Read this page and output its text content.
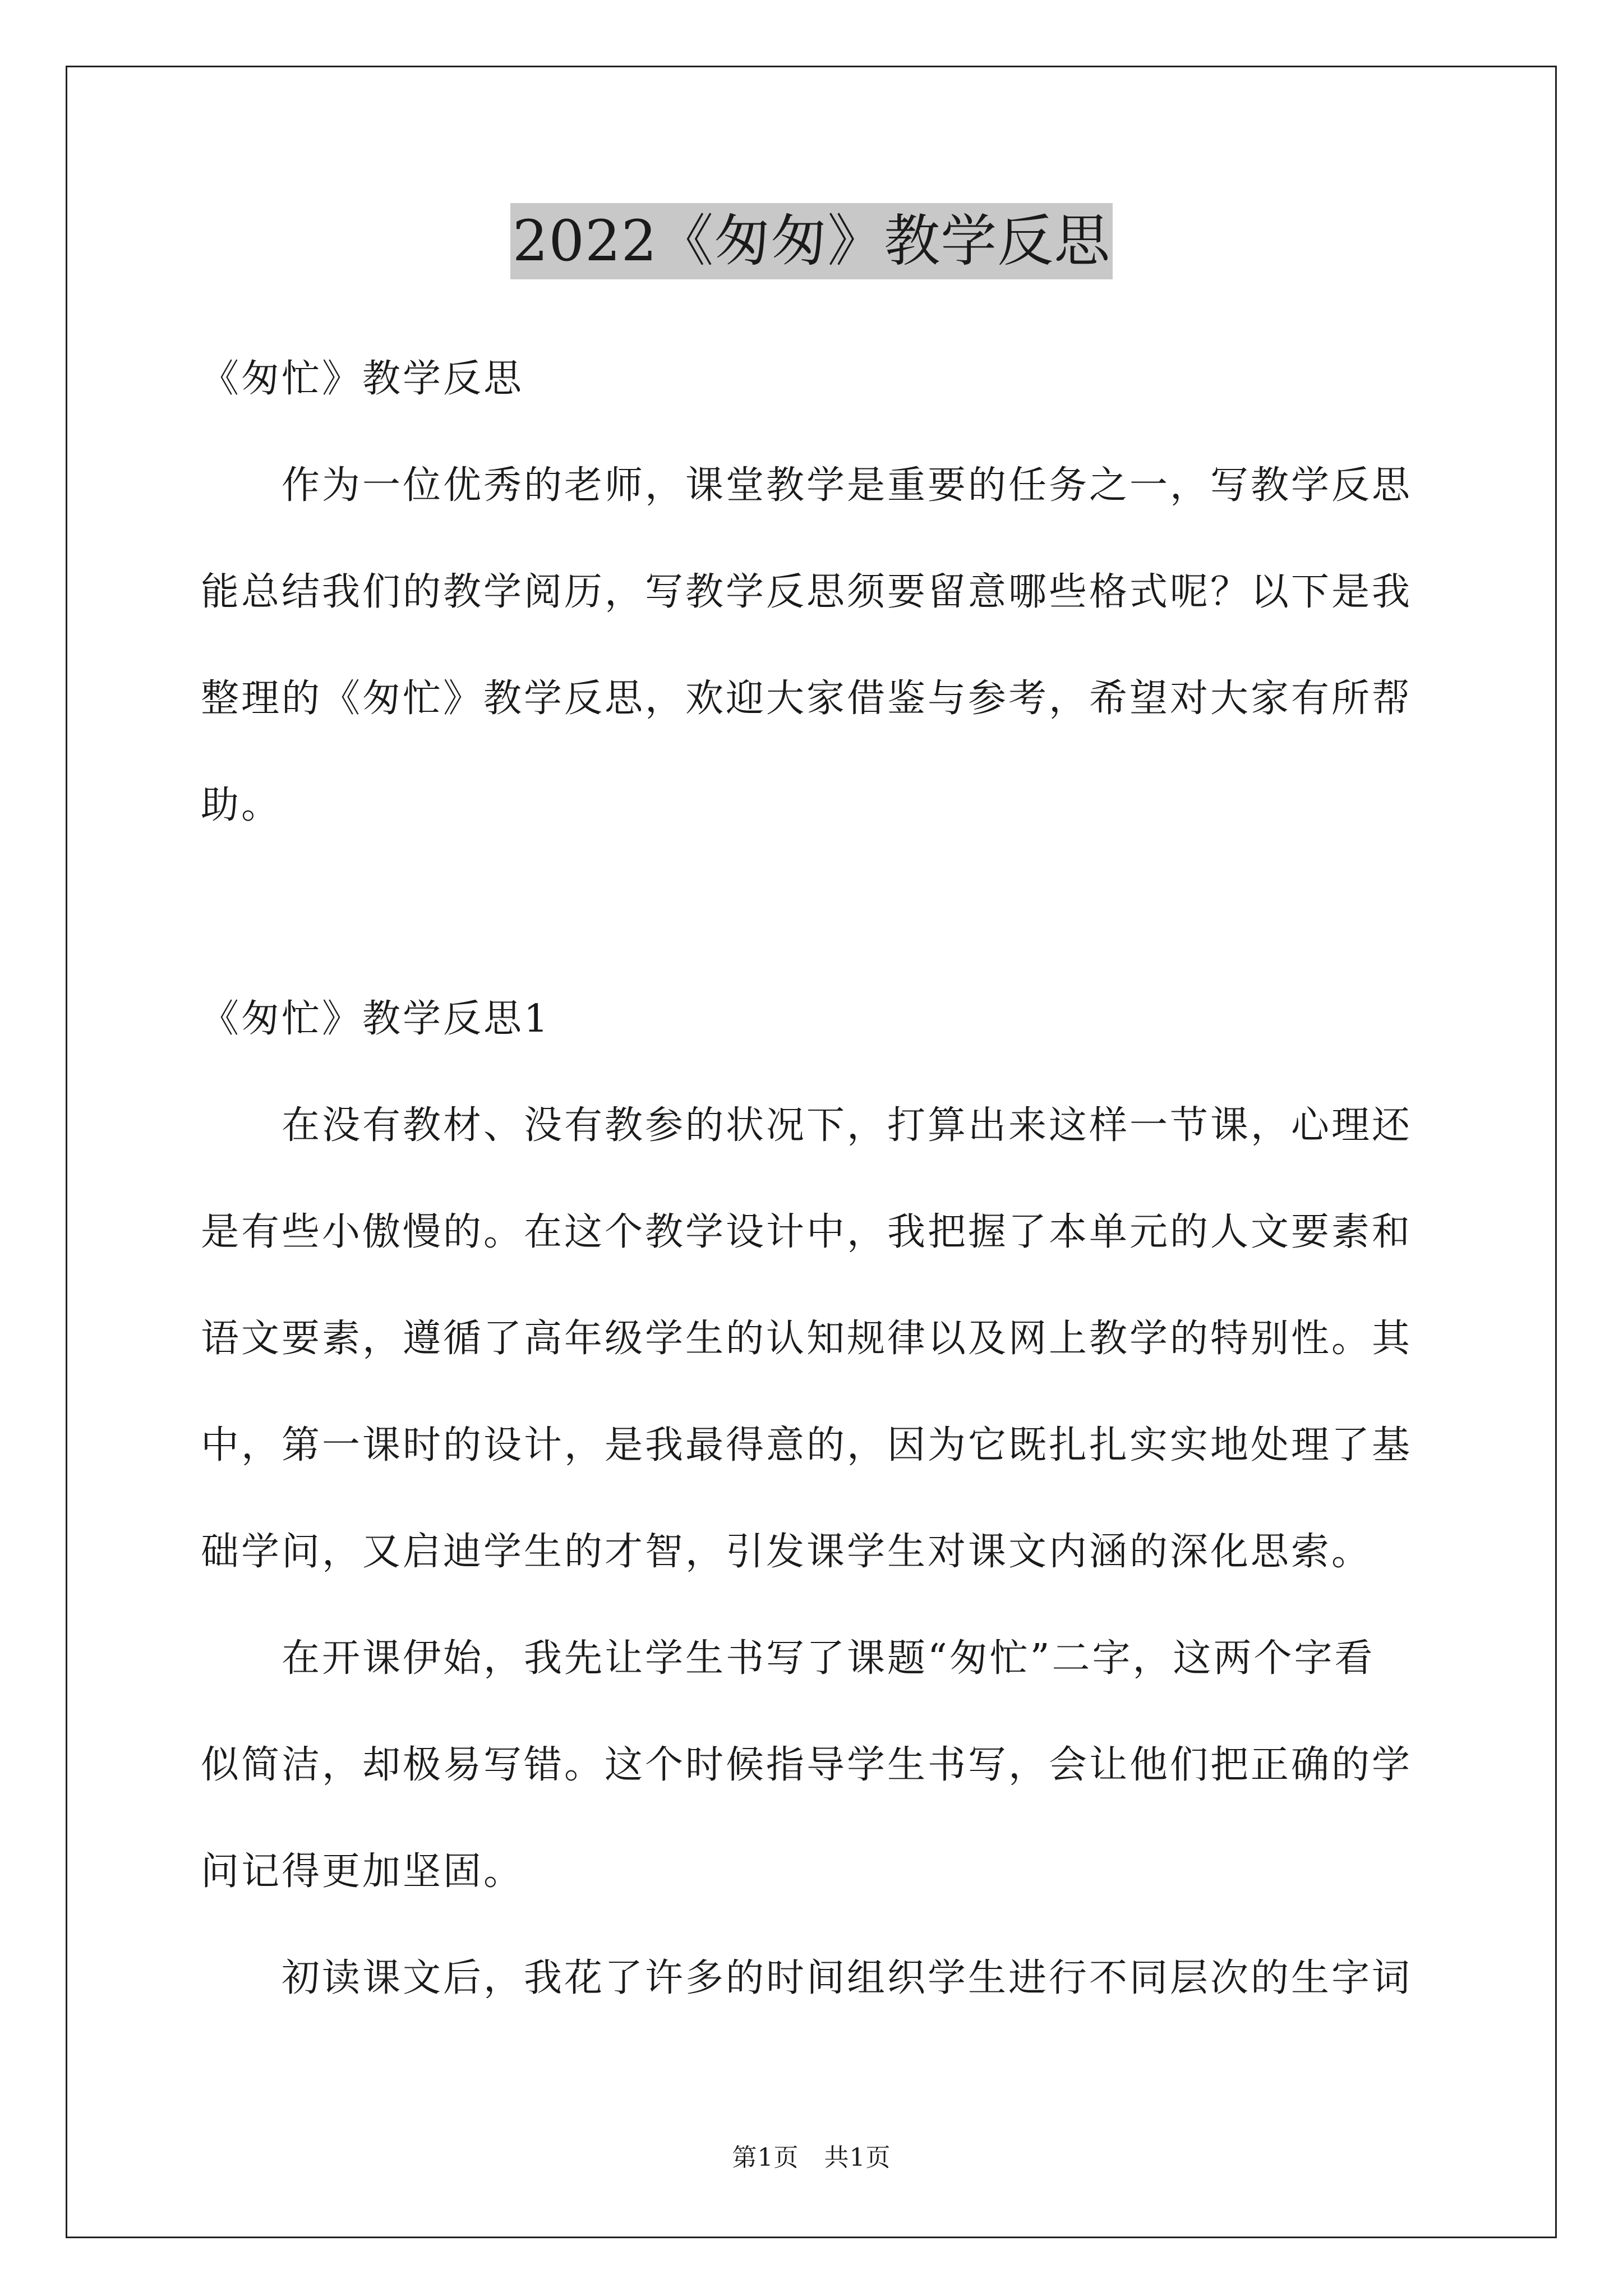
2022《匆匆》教学反思

《匆忙》教学反思

　　作为一位优秀的老师，课堂教学是重要的任务之一，写教学反思

能总结我们的教学阅历，写教学反思须要留意哪些格式呢？以下是我

整理的《匆忙》教学反思，欢迎大家借鉴与参考，希望对大家有所帮

助。

《匆忙》教学反思1

　　在没有教材、没有教参的状况下，打算出来这样一节课，心理还

是有些小傲慢的。在这个教学设计中，我把握了本单元的人文要素和

语文要素，遵循了高年级学生的认知规律以及网上教学的特别性。其

中，第一课时的设计，是我最得意的，因为它既扎扎实实地处理了基

础学问，又启迪学生的才智，引发课学生对课文内涵的深化思索。

　　在开课伊始，我先让学生书写了课题“匆忙”二字，这两个字看

似简洁，却极易写错。这个时候指导学生书写，会让他们把正确的学

问记得更加坚固。

　　初读课文后，我花了许多的时间组织学生进行不同层次的生字词

第1页　共1页
